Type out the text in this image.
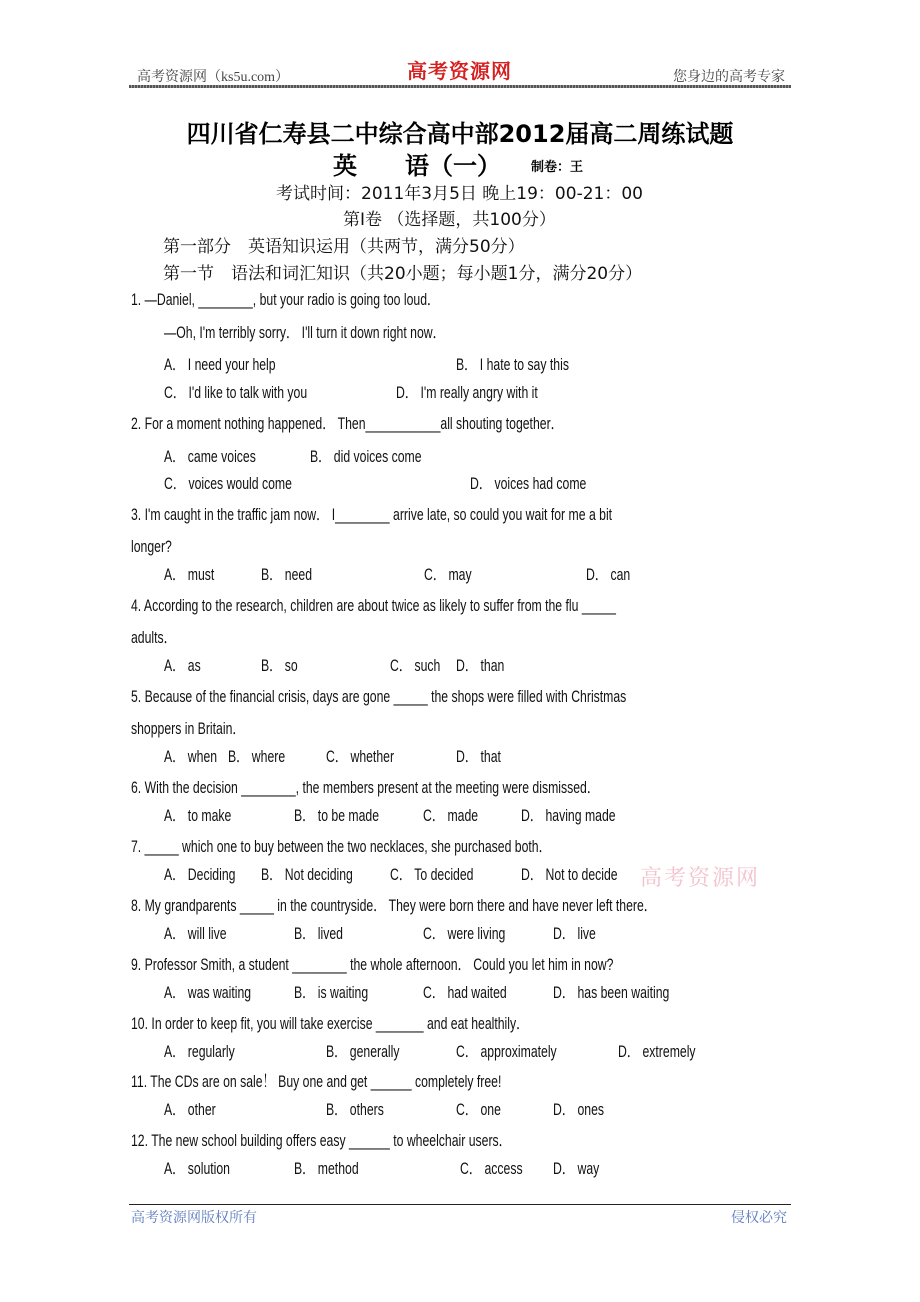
高考资源网（ks5u.com）	高考资源网	您身边的高考专家
四川省仁寿县二中综合高中部2012届高二周练试题
英　　语（一） 制卷：王
考试时间：2011年3月5日 晚上19：00-21：00
第I卷 （选择题，共100分）
第一部分　英语知识运用（共两节，满分50分）
第一节　语法和词汇知识（共20小题；每小题1分，满分20分）
1. —Daniel, ________, but your radio is going too loud．
—Oh, I'm terribly sorry． I'll turn it down right now．
A． I need your help	B． I hate to say this
C． I'd like to talk with you	D． I'm really angry with it
2. For a moment nothing happened． Then___________all shouting together．
A． came voices	B． did voices come
C． voices would come	D． voices had come
3. I'm caught in the traffic jam now． I________ arrive late, so could you wait for me a bit
longer?
A． must	B． need	C． may	D． can
4. According to the research, children are about twice as likely to suffer from the flu _____
adults．
A． as	B． so	C． such D． than
5. Because of the financial crisis, days are gone _____ the shops were filled with Christmas
shoppers in Britain．
A． when B． where C． whether	D． that
6. With the decision ________, the members present at the meeting were dismissed．
A． to make	B． to be made	C． made	D． having made
7. _____ which one to buy between the two necklaces, she purchased both．
A． Deciding B． Not deciding C． To decided	D． Not to decide
8. My grandparents _____ in the countryside． They were born there and have never left there．
A． will live	B． lived	C． were living	D． live
9. Professor Smith, a student ________ the whole afternoon． Could you let him in now?
A． was waiting	B． is waiting	C． had waited	D． has been waiting
10. In order to keep fit, you will take exercise _______ and eat healthily．
A． regularly	B． generally	C． approximately	D． extremely
11. The CDs are on sale！ Buy one and get ______ completely free!
A． other	B． others	C． one	D． ones
12. The new school building offers easy ______ to wheelchair users．
A． solution	B． method	C． access D． way
高考资源网
高考资源网版权所有	侵权必究
